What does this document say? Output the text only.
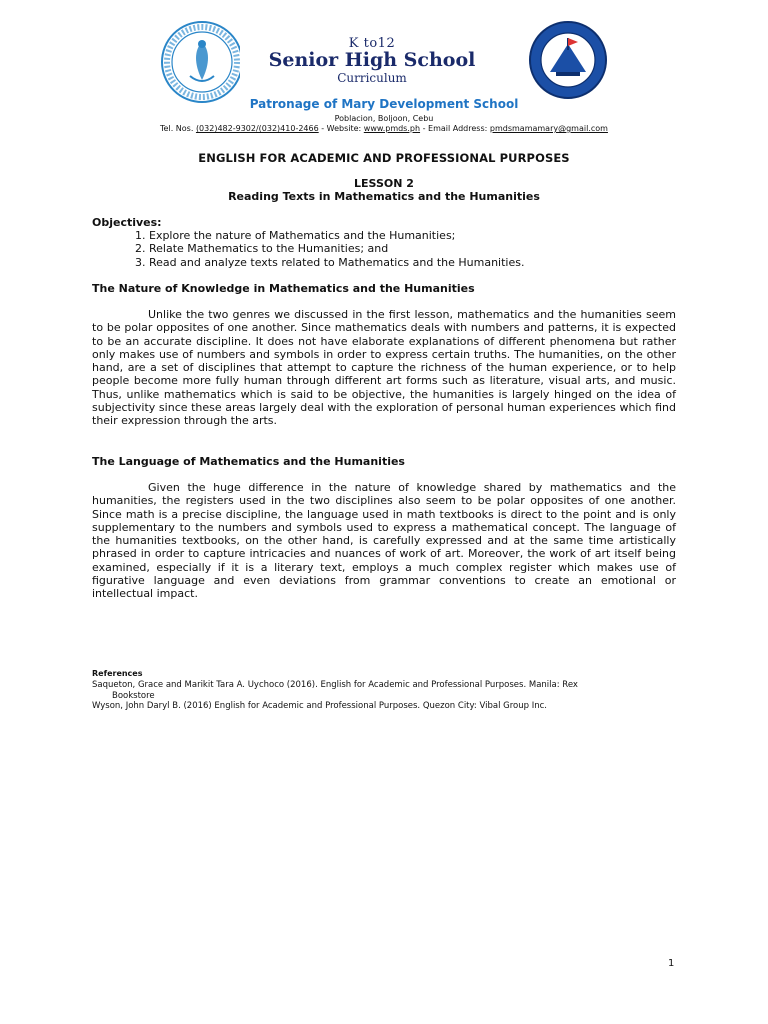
K to12
Senior High School
Curriculum
Patronage of Mary Development School
Poblacion, Boljoon, Cebu
Tel. Nos. (032)482-9302/(032)410-2466 - Website: www.pmds.ph - Email Address: pmdsmamamary@gmail.com
ENGLISH FOR ACADEMIC AND PROFESSIONAL PURPOSES
LESSON 2
Reading Texts in Mathematics and the Humanities
Objectives:
1. Explore the nature of Mathematics and the Humanities;
2. Relate Mathematics to the Humanities; and
3. Read and analyze texts related to Mathematics and the Humanities.
The Nature of Knowledge in Mathematics and the Humanities

Unlike the two genres we discussed in the first lesson, mathematics and the humanities seem to be polar opposites of one another. Since mathematics deals with numbers and patterns, it is expected to be an accurate discipline. It does not have elaborate explanations of different phenomena but rather only makes use of numbers and symbols in order to express certain truths. The humanities, on the other hand, are a set of disciplines that attempt to capture the richness of the human experience, or to help people become more fully human through different art forms such as literature, visual arts, and music. Thus, unlike mathematics which is said to be objective, the humanities is largely hinged on the idea of subjectivity since these areas largely deal with the exploration of personal human experiences which find their expression through the arts.

The Language of Mathematics and the Humanities

Given the huge difference in the nature of knowledge shared by mathematics and the humanities, the registers used in the two disciplines also seem to be polar opposites of one another. Since math is a precise discipline, the language used in math textbooks is direct to the point and is only supplementary to the numbers and symbols used to express a mathematical concept. The language of the humanities textbooks, on the other hand, is carefully expressed and at the same time artistically phrased in order to capture intricacies and nuances of work of art. Moreover, the work of art itself being examined, especially if it is a literary text, employs a much complex register which makes use of figurative language and even deviations from grammar conventions to create an emotional or intellectual impact.

References
Saqueton, Grace and Marikit Tara A. Uychoco (2016). English for Academic and Professional Purposes. Manila: Rex
Bookstore
Wyson, John Daryl B. (2016) English for Academic and Professional Purposes. Quezon City: Vibal Group Inc.
1
